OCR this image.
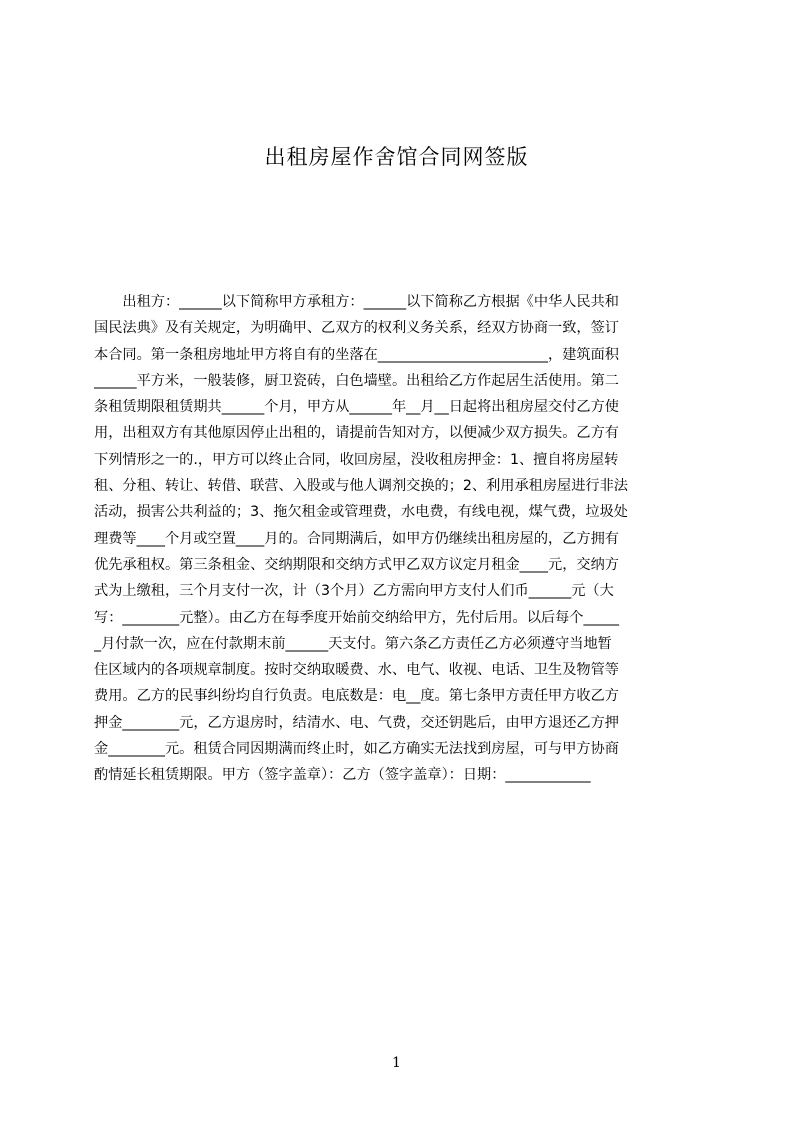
出租房屋作舍馆合同网签版
　　出租方：______以下简称甲方承租方：______以下简称乙方根据《中华人民共和
国民法典》及有关规定，为明确甲、乙双方的权利义务关系，经双方协商一致，签订
本合同。第一条租房地址甲方将自有的坐落在________________________，建筑面积
______平方米，一般装修，厨卫瓷砖，白色墙壁。出租给乙方作起居生活使用。第二
条租赁期限租赁期共______个月，甲方从______年__月__日起将出租房屋交付乙方使
用，出租双方有其他原因停止出租的，请提前告知对方，以便减少双方损失。乙方有
下列情形之一的.，甲方可以终止合同，收回房屋，没收租房押金：1、擅自将房屋转
租、分租、转让、转借、联营、入股或与他人调剂交换的；2、利用承租房屋进行非法
活动，损害公共利益的；3、拖欠租金或管理费，水电费，有线电视，煤气费，垃圾处
理费等____个月或空置____月的。合同期满后，如甲方仍继续出租房屋的，乙方拥有
优先承租权。第三条租金、交纳期限和交纳方式甲乙双方议定月租金____元，交纳方
式为上缴租，三个月支付一次，计（3个月）乙方需向甲方支付人们币______元（大
写：________元整）。由乙方在每季度开始前交纳给甲方，先付后用。以后每个_____
_月付款一次，应在付款期末前______天支付。第六条乙方责任乙方必须遵守当地暂
住区域内的各项规章制度。按时交纳取暖费、水、电气、收视、电话、卫生及物管等
费用。乙方的民事纠纷均自行负责。电底数是：电__度。第七条甲方责任甲方收乙方
押金________元，乙方退房时，结清水、电、气费，交还钥匙后，由甲方退还乙方押
金________元。租赁合同因期满而终止时，如乙方确实无法找到房屋，可与甲方协商
酌情延长租赁期限。甲方（签字盖章）：乙方（签字盖章）：日期：____________
1
